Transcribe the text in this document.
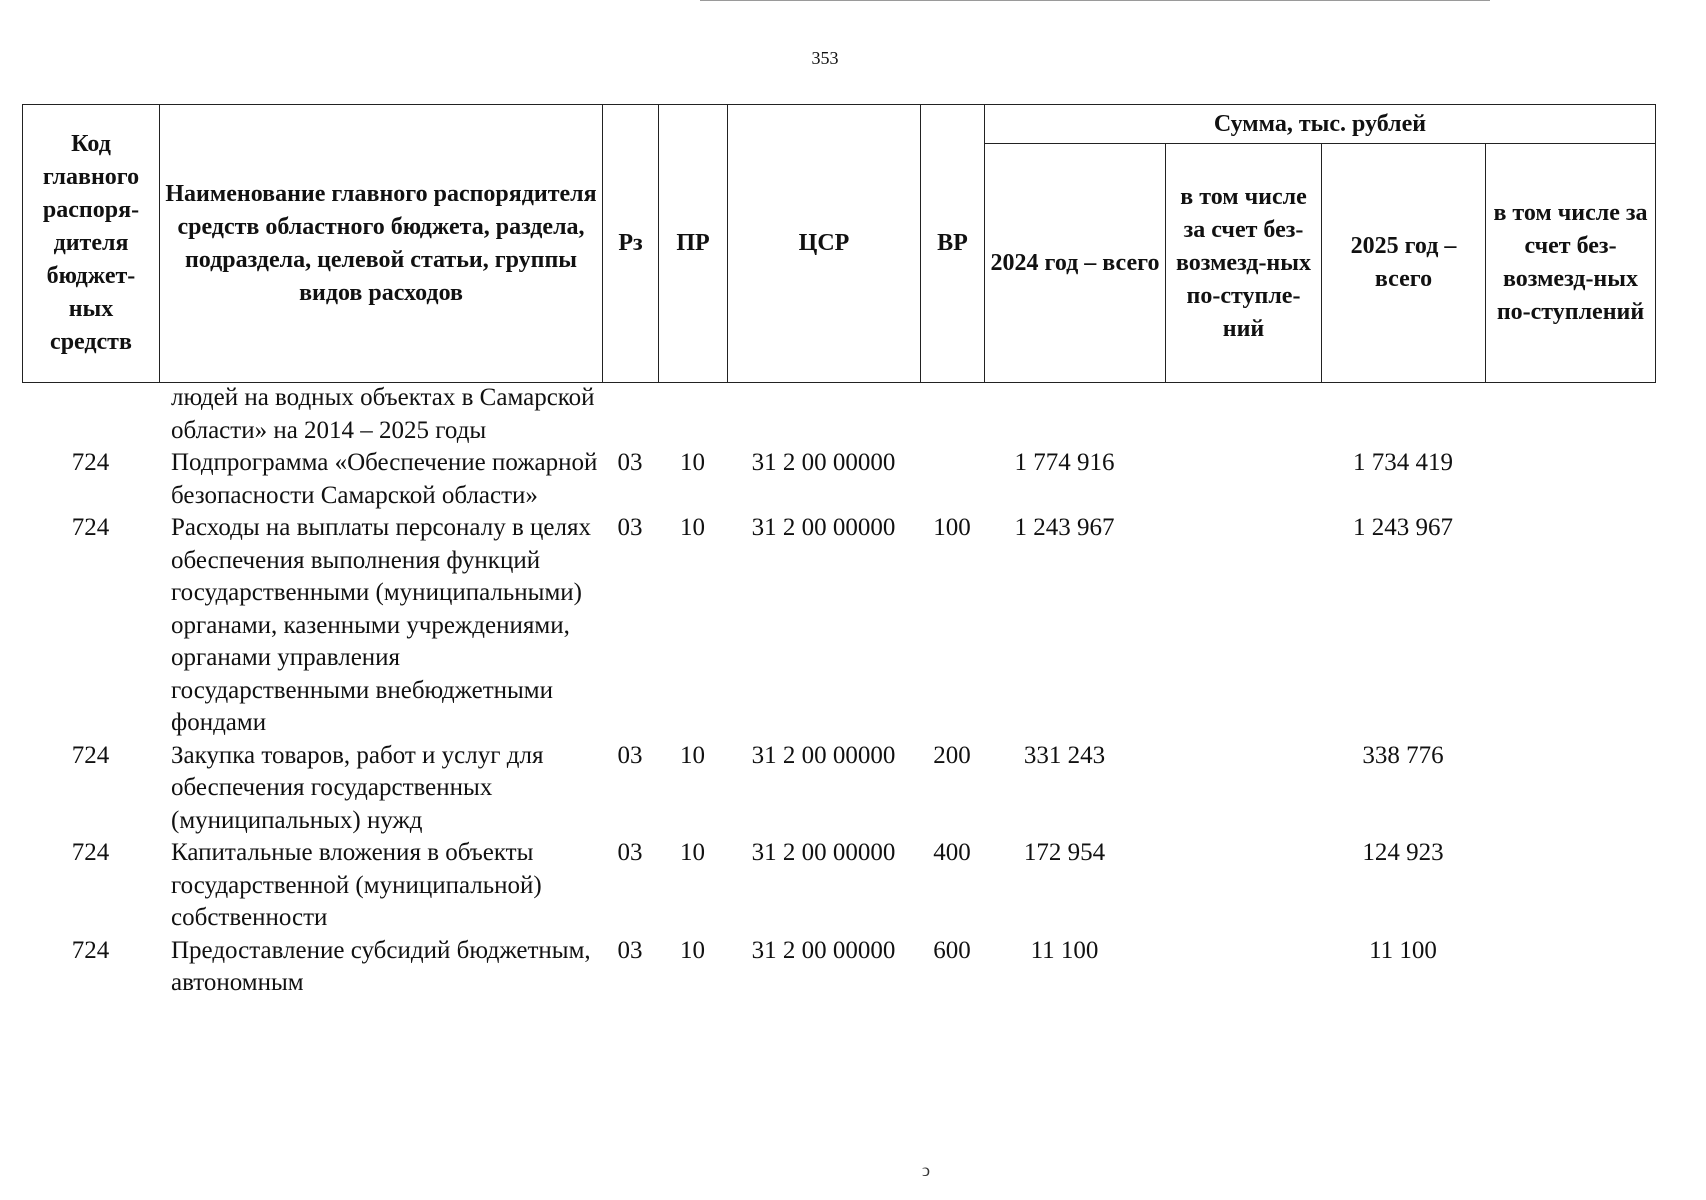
353
Код главного распоря-дителя бюджет-ных средств	Наименование главного распорядителя средств областного бюджета, раздела, подраздела, целевой статьи, группы видов расходов	Рз	ПР	ЦСР	ВР	Сумма, тыс. рублей			
						2024 год – всего	в том числе за счет без-возмезд-ных по-ступле-ний	2025 год – всего	в том числе за счет без-возмезд-ных по-ступлений
	людей на водных объектах в Самарской области» на 2014 – 2025 годы								
724	Подпрограмма «Обеспечение пожарной безопасности Самарской области»	03	10	31 2 00 00000		1 774 916		1 734 419	
724	Расходы на выплаты персоналу в целях обеспечения выполнения функций государственными (муниципальными) органами, казенными учреждениями, органами управления государственными внебюджетными фондами	03	10	31 2 00 00000	100	1 243 967		1 243 967	
724	Закупка товаров, работ и услуг для обеспечения государственных (муниципальных) нужд	03	10	31 2 00 00000	200	331 243		338 776	
724	Капитальные вложения в объекты государственной (муниципальной) собственности	03	10	31 2 00 00000	400	172 954		124 923	
724	Предоставление субсидий бюджетным, автономным	03	10	31 2 00 00000	600	11 100		11 100	
ↄ
